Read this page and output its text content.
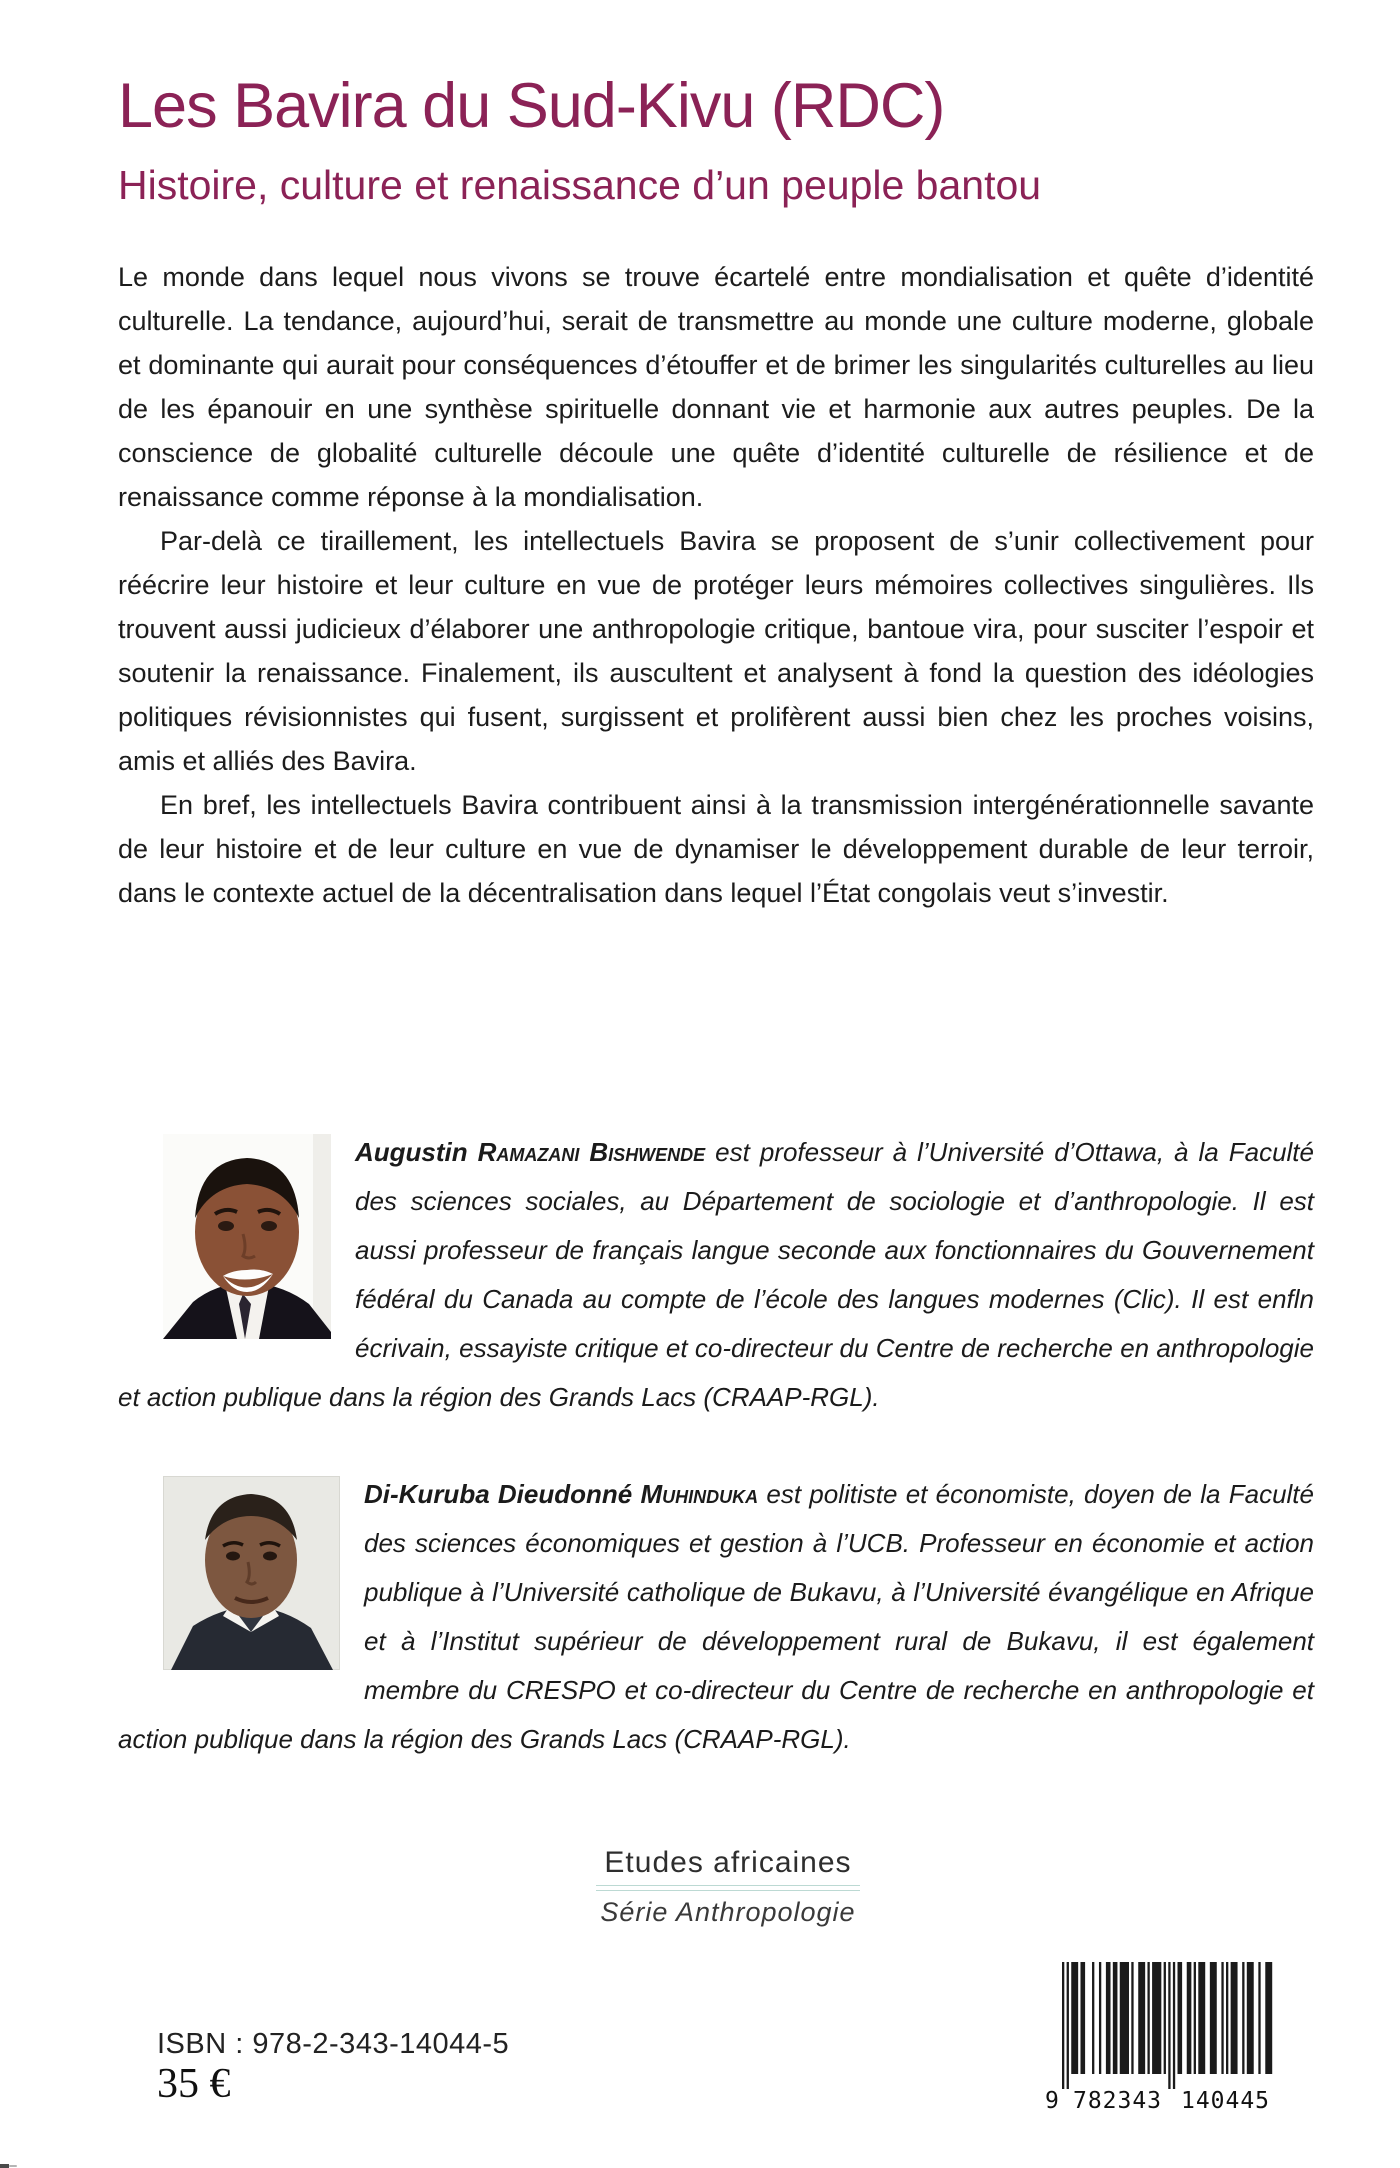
Les Bavira du Sud-Kivu (RDC)
Histoire, culture et renaissance d’un peuple bantou

Le monde dans lequel nous vivons se trouve écartelé entre mondialisation et quête d’identité culturelle. La tendance, aujourd’hui, serait de transmettre au monde une culture moderne, globale et dominante qui aurait pour conséquences d’étouffer et de brimer les singularités culturelles au lieu de les épanouir en une synthèse spirituelle donnant vie et harmonie aux autres peuples. De la conscience de globalité culturelle découle une quête d’identité culturelle de résilience et de renaissance comme réponse à la mondialisation.

Par-delà ce tiraillement, les intellectuels Bavira se proposent de s’unir collectivement pour réécrire leur histoire et leur culture en vue de protéger leurs mémoires collectives singulières. Ils trouvent aussi judicieux d’élaborer une anthropologie critique, bantoue vira, pour susciter l’espoir et soutenir la renaissance. Finalement, ils auscultent et analysent à fond la question des idéologies politiques révisionnistes qui fusent, surgissent et prolifèrent aussi bien chez les proches voisins, amis et alliés des Bavira.

En bref, les intellectuels Bavira contribuent ainsi à la transmission intergénérationnelle savante de leur histoire et de leur culture en vue de dynamiser le développement durable de leur terroir, dans le contexte actuel de la décentralisation dans lequel l’État congolais veut s’investir.

Augustin Ramazani Bishwende est professeur à l’Université d’Ottawa, à la Faculté des sciences sociales, au Département de sociologie et d’anthropologie. Il est aussi professeur de français langue seconde aux fonctionnaires du Gouvernement fédéral du Canada au compte de l’école des langues modernes (Clic). Il est enfln écrivain, essayiste critique et co-directeur du Centre de recherche en anthropologie et action publique dans la région des Grands Lacs (CRAAP-RGL).
Di-Kuruba Dieudonné Muhinduka est politiste et économiste, doyen de la Faculté des sciences économiques et gestion à l’UCB. Professeur en économie et action publique à l’Université catholique de Bukavu, à l’Université évangélique en Afrique et à l’Institut supérieur de développement rural de Bukavu, il est également membre du CRESPO et co-directeur du Centre de recherche en anthropologie et action publique dans la région des Grands Lacs (CRAAP-RGL).
Etudes africaines
Série Anthropologie
ISBN : 978-2-343-14044-5
35 €	9 782343 140445
